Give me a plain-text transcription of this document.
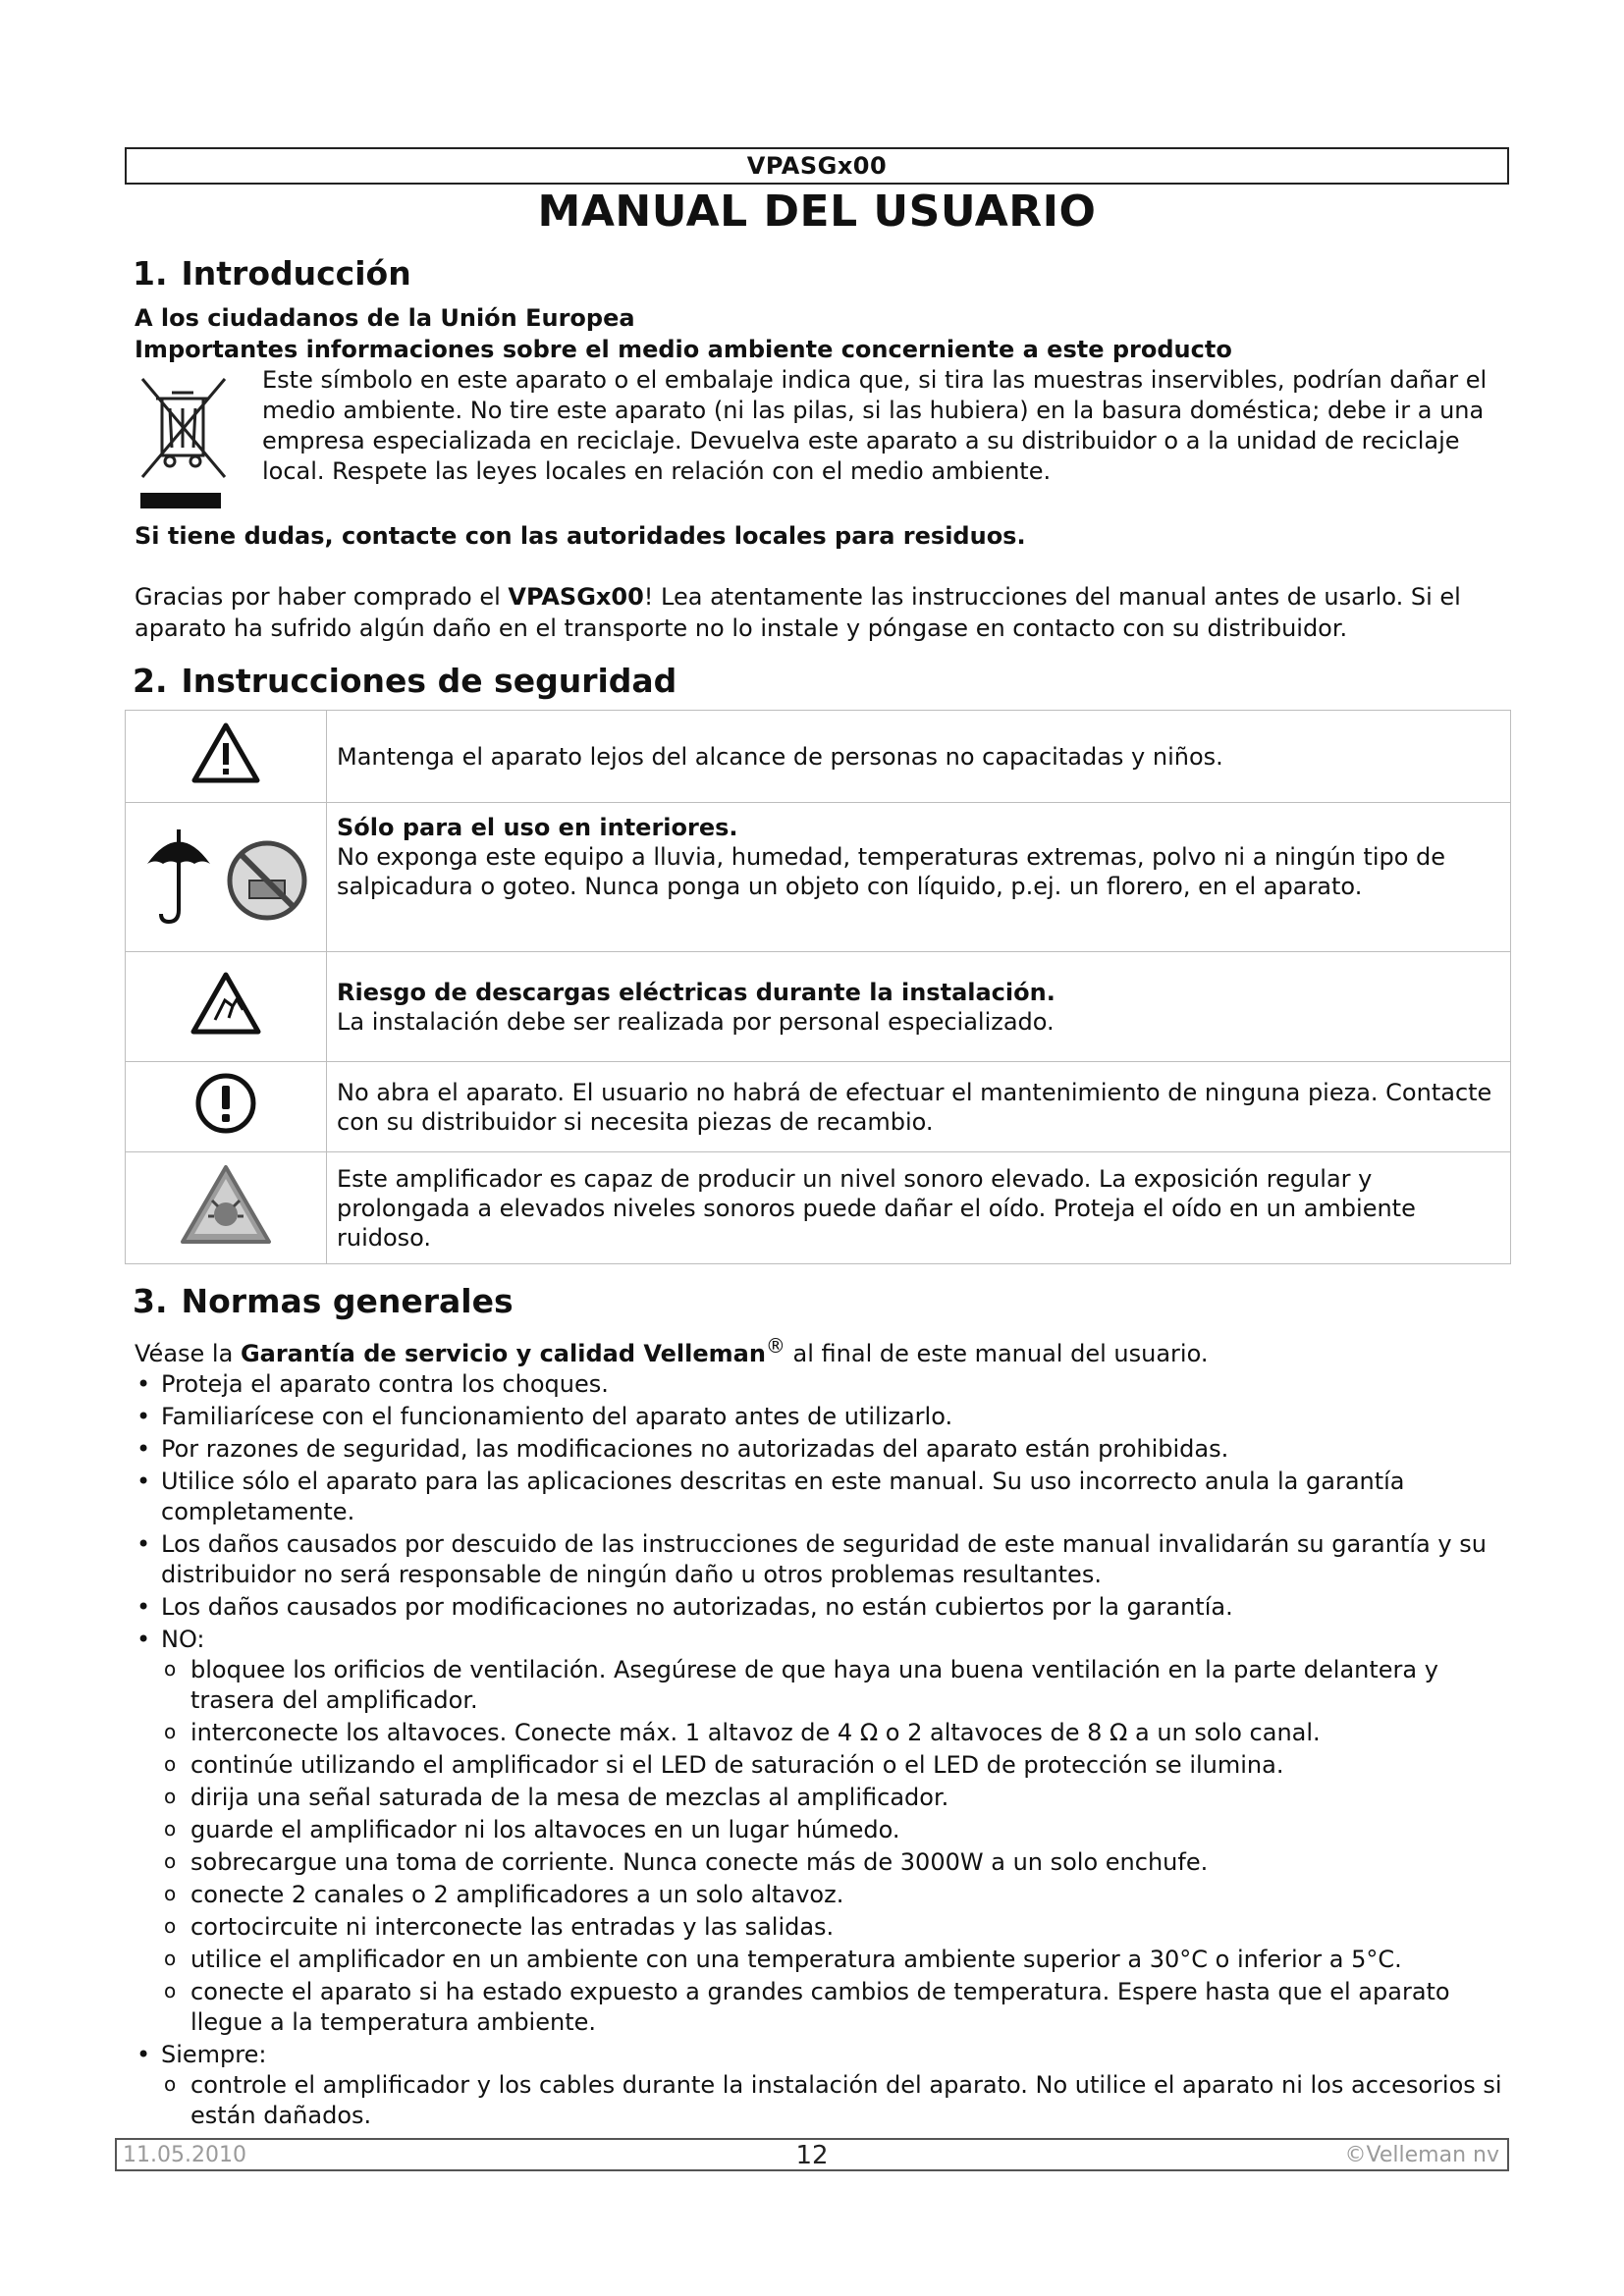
VPASGx00
MANUAL DEL USUARIO
1. Introducción

A los ciudadanos de la Unión Europea

Importantes informaciones sobre el medio ambiente concerniente a este producto

Este símbolo en este aparato o el embalaje indica que, si tira las muestras inservibles, podrían dañar el medio ambiente. No tire este aparato (ni las pilas, si las hubiera) en la basura doméstica; debe ir a una empresa especializada en reciclaje. Devuelva este aparato a su distribuidor o a la unidad de reciclaje local. Respete las leyes locales en relación con el medio ambiente.

Si tiene dudas, contacte con las autoridades locales para residuos.

Gracias por haber comprado el VPASGx00! Lea atentamente las instrucciones del manual antes de usarlo. Si el aparato ha sufrido algún daño en el transporte no lo instale y póngase en contacto con su distribuidor.

2. Instrucciones de seguridad
	Mantenga el aparato lejos del alcance de personas no capacitadas y niños.
	Sólo para el uso en interiores.
No exponga este equipo a lluvia, humedad, temperaturas extremas, polvo ni a ningún tipo de salpicadura o goteo. Nunca ponga un objeto con líquido, p.ej. un florero, en el aparato.
	Riesgo de descargas eléctricas durante la instalación.
La instalación debe ser realizada por personal especializado.
	No abra el aparato. El usuario no habrá de efectuar el mantenimiento de ninguna pieza. Contacte con su distribuidor si necesita piezas de recambio.
	Este amplificador es capaz de producir un nivel sonoro elevado. La exposición regular y prolongada a elevados niveles sonoros puede dañar el oído. Proteja el oído en un ambiente ruidoso.
3. Normas generales

Véase la Garantía de servicio y calidad Velleman® al final de este manual del usuario.

• Proteja el aparato contra los choques.
• Familiarícese con el funcionamiento del aparato antes de utilizarlo.
• Por razones de seguridad, las modificaciones no autorizadas del aparato están prohibidas.
• Utilice sólo el aparato para las aplicaciones descritas en este manual. Su uso incorrecto anula la garantía completamente.
• Los daños causados por descuido de las instrucciones de seguridad de este manual invalidarán su garantía y su distribuidor no será responsable de ningún daño u otros problemas resultantes.
• Los daños causados por modificaciones no autorizadas, no están cubiertos por la garantía.
• NO:
o bloquee los orificios de ventilación. Asegúrese de que haya una buena ventilación en la parte delantera y trasera del amplificador.
o interconecte los altavoces. Conecte máx. 1 altavoz de 4 Ω o 2 altavoces de 8 Ω a un solo canal.
o continúe utilizando el amplificador si el LED de saturación o el LED de protección se ilumina.
o dirija una señal saturada de la mesa de mezclas al amplificador.
o guarde el amplificador ni los altavoces en un lugar húmedo.
o sobrecargue una toma de corriente. Nunca conecte más de 3000W a un solo enchufe.
o conecte 2 canales o 2 amplificadores a un solo altavoz.
o cortocircuite ni interconecte las entradas y las salidas.
o utilice el amplificador en un ambiente con una temperatura ambiente superior a 30°C o inferior a 5°C.
o conecte el aparato si ha estado expuesto a grandes cambios de temperatura. Espere hasta que el aparato llegue a la temperatura ambiente.
• Siempre:
o controle el amplificador y los cables durante la instalación del aparato. No utilice el aparato ni los accesorios si están dañados.
11.05.2010	12	©Velleman nv
